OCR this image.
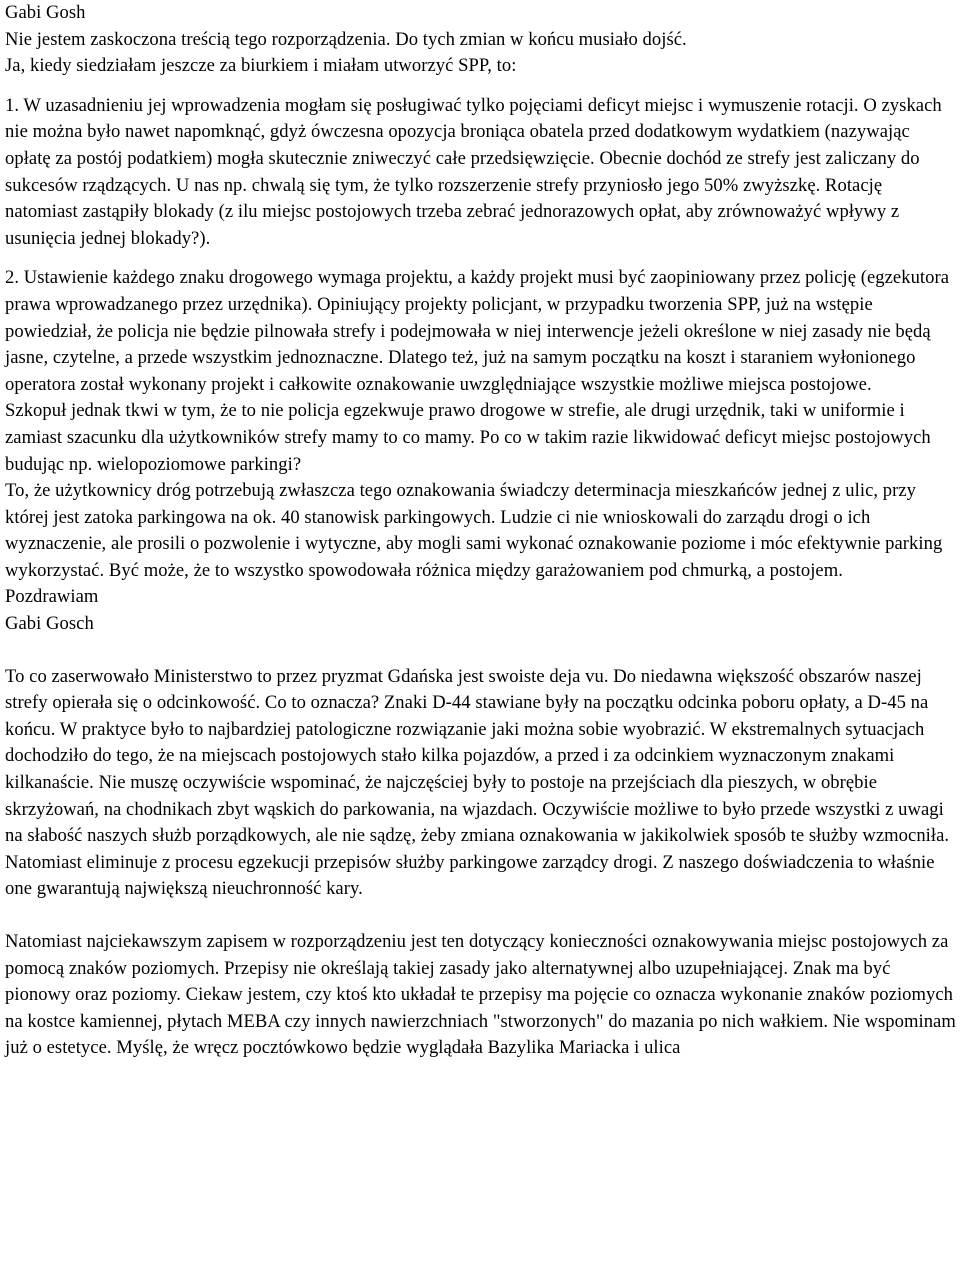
Gabi Gosh

Nie jestem zaskoczona treścią tego rozporządzenia. Do tych zmian w końcu musiało dojść.

Ja, kiedy siedziałam jeszcze za biurkiem i miałam utworzyć SPP, to:

1. W uzasadnieniu jej wprowadzenia mogłam się posługiwać tylko pojęciami deficyt miejsc i wymuszenie rotacji. O zyskach nie można było nawet napomknąć, gdyż ówczesna opozycja broniąca obatela przed dodatkowym wydatkiem (nazywając opłatę za postój podatkiem) mogła skutecznie zniweczyć całe przedsięwzięcie. Obecnie dochód ze strefy jest zaliczany do sukcesów rządzących. U nas np. chwalą się tym, że tylko rozszerzenie strefy przyniosło jego 50% zwyższkę. Rotację natomiast zastąpiły blokady (z ilu miejsc postojowych trzeba zebrać jednorazowych opłat, aby zrównoważyć wpływy z usunięcia jednej blokady?).

2. Ustawienie każdego znaku drogowego wymaga projektu, a każdy projekt musi być zaopiniowany przez policję (egzekutora prawa wprowadzanego przez urzędnika). Opiniujący projekty policjant, w przypadku tworzenia SPP, już na wstępie powiedział, że policja nie będzie pilnowała strefy i podejmowała w niej interwencje jeżeli określone w niej zasady nie będą jasne, czytelne, a przede wszystkim jednoznaczne. Dlatego też, już na samym początku na koszt i staraniem wyłonionego operatora został wykonany projekt i całkowite oznakowanie uwzględniające wszystkie możliwe miejsca postojowe.

Szkopuł jednak tkwi w tym, że to nie policja egzekwuje prawo drogowe w strefie, ale drugi urzędnik, taki w uniformie i zamiast szacunku dla użytkowników strefy mamy to co mamy. Po co w takim razie likwidować deficyt miejsc postojowych budując np. wielopoziomowe parkingi?

To, że użytkownicy dróg potrzebują zwłaszcza tego oznakowania świadczy determinacja mieszkańców jednej z ulic, przy której jest zatoka parkingowa na ok. 40 stanowisk parkingowych. Ludzie ci nie wnioskowali do zarządu drogi o ich wyznaczenie, ale prosili o pozwolenie i wytyczne, aby mogli sami wykonać oznakowanie poziome i móc efektywnie parking wykorzystać. Być może, że to wszystko spowodowała różnica między garażowaniem pod chmurką, a postojem.

Pozdrawiam

Gabi Gosch

To co zaserwowało Ministerstwo to przez pryzmat Gdańska jest swoiste deja vu. Do niedawna większość obszarów naszej strefy opierała się o odcinkowość. Co to oznacza? Znaki D-44 stawiane były na początku odcinka poboru opłaty, a D-45 na końcu. W praktyce było to najbardziej patologiczne rozwiązanie jaki można sobie wyobrazić. W ekstremalnych sytuacjach dochodziło do tego, że na miejscach postojowych stało kilka pojazdów, a przed i za odcinkiem wyznaczonym znakami kilkanaście. Nie muszę oczywiście wspominać, że najczęściej były to postoje na przejściach dla pieszych, w obrębie skrzyżowań, na chodnikach zbyt wąskich do parkowania, na wjazdach. Oczywiście możliwe to było przede wszystki z uwagi na słabość naszych służb porządkowych, ale nie sądzę, żeby zmiana oznakowania w jakikolwiek sposób te służby wzmocniła. Natomiast eliminuje z procesu egzekucji przepisów służby parkingowe zarządcy drogi. Z naszego doświadczenia to właśnie one gwarantują największą nieuchronność kary.

Natomiast najciekawszym zapisem w rozporządzeniu jest ten dotyczący konieczności oznakowywania miejsc postojowych za pomocą znaków poziomych. Przepisy nie określają takiej zasady jako alternatywnej albo uzupełniającej. Znak ma być pionowy oraz poziomy. Ciekaw jestem, czy ktoś kto układał te przepisy ma pojęcie co oznacza wykonanie znaków poziomych na kostce kamiennej, płytach MEBA czy innych nawierzchniach "stworzonych" do mazania po nich wałkiem. Nie wspominam już o estetyce. Myślę, że wręcz pocztówkowo będzie wyglądała Bazylika Mariacka i ulica
